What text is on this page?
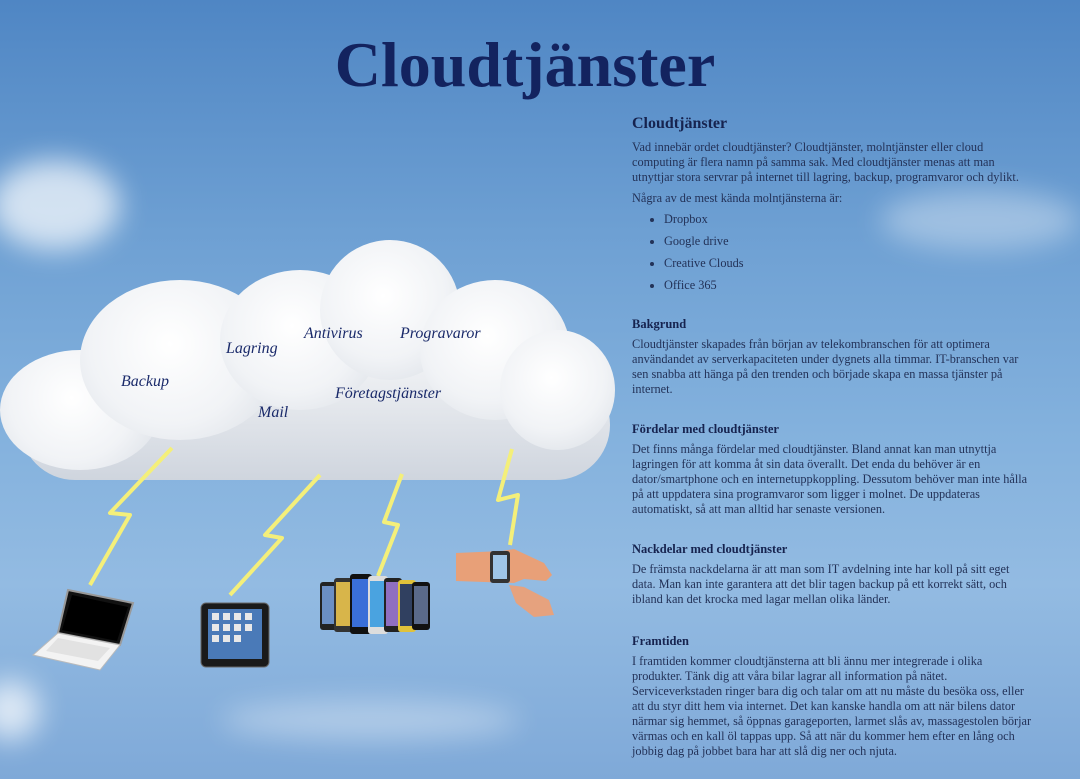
Cloudtjänster
Antivirus Progravaror
Lagring
Backup
Företagstjänster
Mail
Cloudtjänster

Vad innebär ordet cloudtjänster? Cloudtjänster, molntjänster eller cloud computing är flera namn på samma sak. Med cloudtjänster menas att man utnyttjar stora servrar på internet till lagring, backup, programvaror och dylikt.

Några av de mest kända molntjänsterna är:

• Dropbox
• Google drive
• Creative Clouds
• Office 365
Bakgrund

Cloudtjänster skapades från början av telekombranschen för att optimera användandet av serverkapaciteten under dygnets alla timmar. IT-branschen var sen snabba att hänga på den trenden och började skapa en massa tjänster på internet.

Fördelar med cloudtjänster

Det finns många fördelar med cloudtjänster. Bland annat kan man utnyttja lagringen för att komma åt sin data överallt. Det enda du behöver är en dator/smartphone och en internetuppkoppling. Dessutom behöver man inte hålla på att uppdatera sina programvaror som ligger i molnet. De uppdateras automatiskt, så att man alltid har senaste versionen.

Nackdelar med cloudtjänster

De främsta nackdelarna är att man som IT avdelning inte har koll på sitt eget data. Man kan inte garantera att det blir tagen backup på ett korrekt sätt, och ibland kan det krocka med lagar mellan olika länder.

Framtiden

I framtiden kommer cloudtjänsterna att bli ännu mer integrerade i olika produkter. Tänk dig att våra bilar lagrar all information på nätet. Serviceverkstaden ringer bara dig och talar om att nu måste du besöka oss, eller att du styr ditt hem via internet. Det kan kanske handla om att när bilens dator närmar sig hemmet, så öppnas garageporten, larmet slås av, massagestolen börjar värmas och en kall öl tappas upp. Så att när du kommer hem efter en lång och jobbig dag på jobbet bara har att slå dig ner och njuta.
